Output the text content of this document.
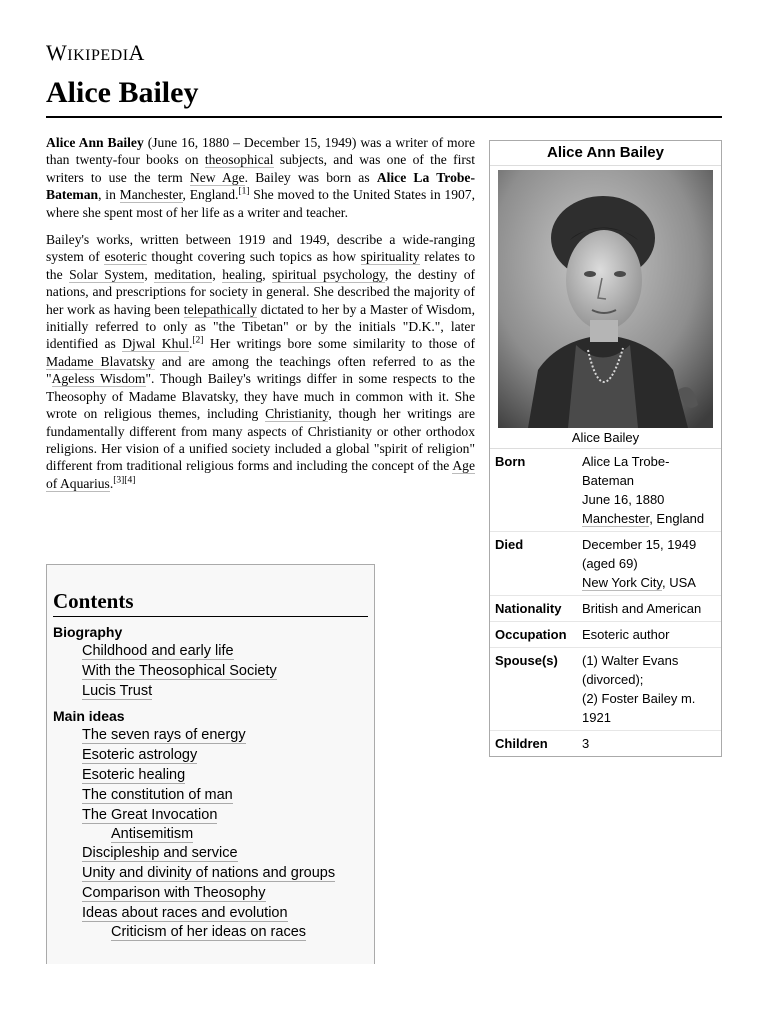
WIKIPEDIA
Alice Bailey

Alice Ann Bailey (June 16, 1880 – December 15, 1949) was a writer of more than twenty-four books on theosophical subjects, and was one of the first writers to use the term New Age. Bailey was born as Alice La Trobe-Bateman, in Manchester, England.[1] She moved to the United States in 1907, where she spent most of her life as a writer and teacher.

Bailey's works, written between 1919 and 1949, describe a wide-ranging system of esoteric thought covering such topics as how spirituality relates to the Solar System, meditation, healing, spiritual psychology, the destiny of nations, and prescriptions for society in general. She described the majority of her work as having been telepathically dictated to her by a Master of Wisdom, initially referred to only as "the Tibetan" or by the initials "D.K.", later identified as Djwal Khul.[2] Her writings bore some similarity to those of Madame Blavatsky and are among the teachings often referred to as the "Ageless Wisdom". Though Bailey's writings differ in some respects to the Theosophy of Madame Blavatsky, they have much in common with it. She wrote on religious themes, including Christianity, though her writings are fundamentally different from many aspects of Christianity or other orthodox religions. Her vision of a unified society included a global "spirit of religion" different from traditional religious forms and including the concept of the Age of Aquarius.[3][4]

Alice Ann Bailey
Alice Bailey
Born	Alice La Trobe-
Bateman
June 16, 1880
Manchester, England
Died	December 15, 1949
(aged 69)
New York City, USA
Nationality	British and American
Occupation	Esoteric author
Spouse(s)	(1) Walter Evans
(divorced);
(2) Foster Bailey m.
1921
Children	3
Contents
Biography
Childhood and early life
With the Theosophical Society
Lucis Trust
Main ideas
The seven rays of energy
Esoteric astrology
Esoteric healing
The constitution of man
The Great Invocation
Antisemitism
Discipleship and service
Unity and divinity of nations and groups
Comparison with Theosophy
Ideas about races and evolution
Criticism of her ideas on races
